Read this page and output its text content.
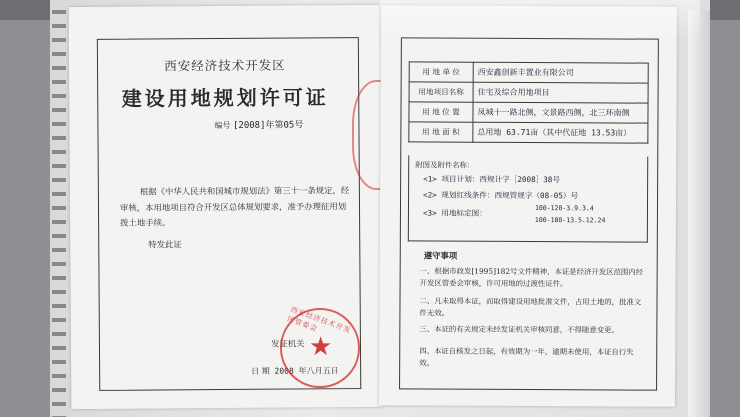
西安经济技术开发区
建设用地规划许可证
编号 [2008]年第05号
根据《中华人民共和国城市规划法》第三十一条规定，经审核，本用地项目符合开发区总体规划要求，准予办理征用划拨土地手续。
特发此证
发证机关
日 期 2008 年八月五日
西安经济技术开发区管委会
★
用 地 单 位	西安鑫创新丰置业有限公司
用地项目名称	住宅及综合用地项目
用 地 位 置	凤城十一路北侧，文景路西侧，北三环南侧
用 地 面 积	总用地 63.71亩（其中代征地 13.53亩）
附图及附件名称：
<1> 项目计划：西规计字［2008］38号
<2> 规划红线条件：西规管规字（08-05）号
<3> 用地标定图：
100-120-3.9.3.4
100-180-13.5.12.24
遵守事项
一、根据市政发[1995]182号文件精神，本证是经济开发区范围内经开发区管委会审核，许可用地的过渡性证件。
二、凡未取得本证，而取得建设用地批准文件，占用土地的，批准文件无效。
三、本证的有关规定未经发证机关审核同意，不得随意变更。
四、本证自核发之日起，有效期为一年，逾期未使用，本证自行失效。
